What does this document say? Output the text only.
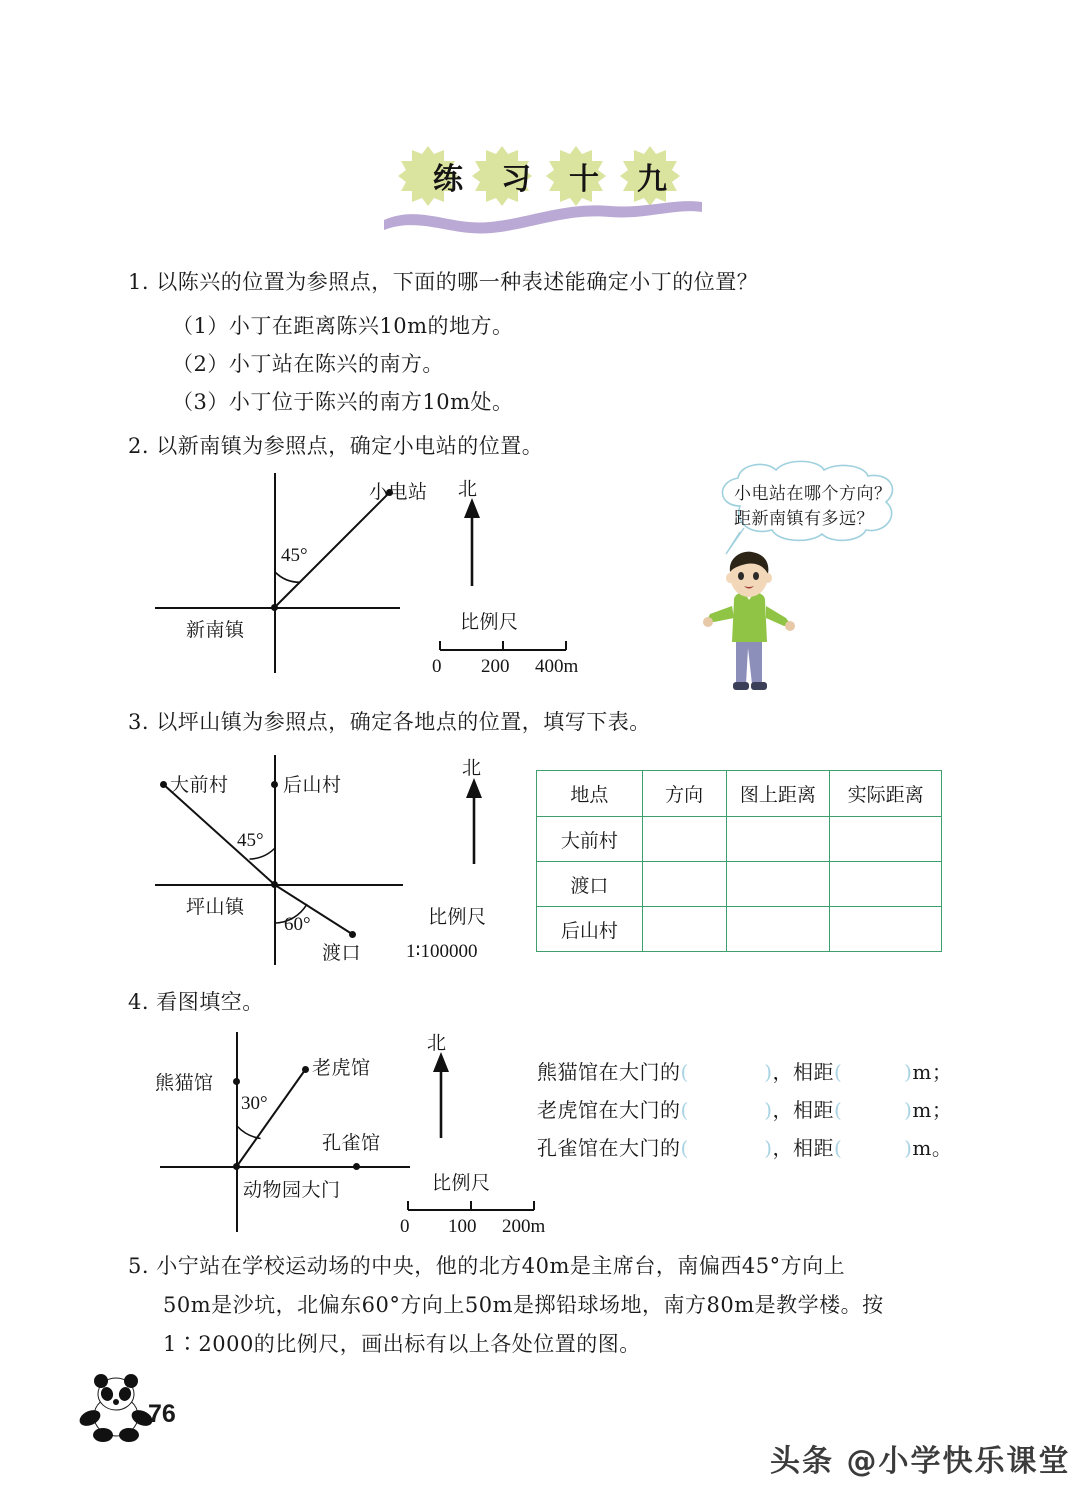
练 习 十 九
1. 以陈兴的位置为参照点，下面的哪一种表述能确定小丁的位置？
（1）小丁在距离陈兴10m的地方。
（2）小丁站在陈兴的南方。
（3）小丁位于陈兴的南方10m处。
2. 以新南镇为参照点，确定小电站的位置。
小电站
新南镇
45°
北
比例尺
0 200 400m
小电站在哪个方向？
距新南镇有多远？
3. 以坪山镇为参照点，确定各地点的位置，填写下表。
大前村	后山村
渡口
坪山镇
45°
60°
北
比例尺
1∶100000
地点	方向	图上距离	实际距离
大前村			
渡口			
后山村			
4. 看图填空。
熊猫馆
老虎馆
孔雀馆
动物园大门
30°
北
比例尺
0 100 200m
熊猫馆在大门的(           )，相距(         )m；
老虎馆在大门的(           )，相距(         )m；
孔雀馆在大门的(           )，相距(         )m。
5. 小宁站在学校运动场的中央，他的北方40m是主席台，南偏西45°方向上
50m是沙坑，北偏东60°方向上50m是掷铅球场地，南方80m是教学楼。按
1∶2000的比例尺，画出标有以上各处位置的图。
76
头条 @小学快乐课堂
